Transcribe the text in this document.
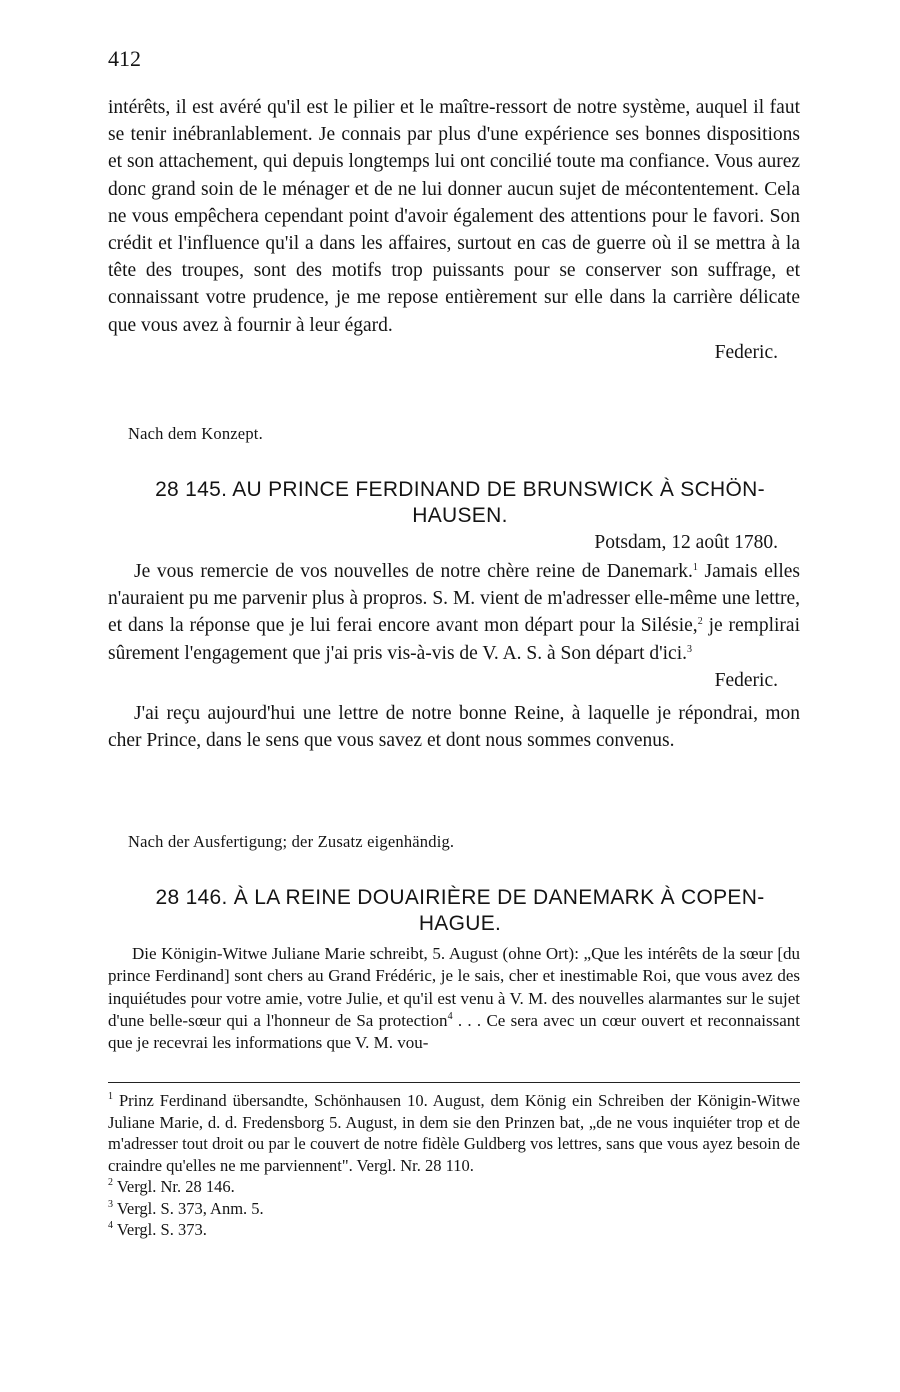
412

intérêts, il est avéré qu'il est le pilier et le maître-ressort de notre système, auquel il faut se tenir inébranlablement. Je connais par plus d'une expérience ses bonnes dispositions et son attachement, qui depuis longtemps lui ont concilié toute ma confiance. Vous aurez donc grand soin de le ménager et de ne lui donner aucun sujet de mécontentement. Cela ne vous empêchera cependant point d'avoir également des attentions pour le favori. Son crédit et l'influence qu'il a dans les affaires, surtout en cas de guerre où il se mettra à la tête des troupes, sont des motifs trop puissants pour se conserver son suffrage, et connaissant votre prudence, je me repose entièrement sur elle dans la carrière délicate que vous avez à fournir à leur égard.

Federic.
Nach dem Konzept.
28 145. AU PRINCE FERDINAND DE BRUNSWICK À SCHÖN-
HAUSEN.
Potsdam, 12 août 1780.

Je vous remercie de vos nouvelles de notre chère reine de Danemark.$^1$ Jamais elles n'auraient pu me parvenir plus à propros. S. M. vient de m'adresser elle-même une lettre, et dans la réponse que je lui ferai encore avant mon départ pour la Silésie,$^2$ je remplirai sûrement l'engagement que j'ai pris vis-à-vis de V. A. S. à Son départ d'ici.$^3$

Federic.

J'ai reçu aujourd'hui une lettre de notre bonne Reine, à laquelle je répondrai, mon cher Prince, dans le sens que vous savez et dont nous sommes convenus.

Nach der Ausfertigung; der Zusatz eigenhändig.
28 146. À LA REINE DOUAIRIÈRE DE DANEMARK À COPEN-
HAGUE.

Die Königin-Witwe Juliane Marie schreibt, 5. August (ohne Ort): „Que les intérêts de la sœur [du prince Ferdinand] sont chers au Grand Frédéric, je le sais, cher et inestimable Roi, que vous avez des inquiétudes pour votre amie, votre Julie, et qu'il est venu à V. M. des nouvelles alarmantes sur le sujet d'une belle-sœur qui a l'honneur de Sa protection$^4$ . . . Ce sera avec un cœur ouvert et reconnaissant que je recevrai les informations que V. M. vou-

$^1$ Prinz Ferdinand übersandte, Schönhausen 10. August, dem König ein Schreiben der Königin-Witwe Juliane Marie, d. d. Fredensborg 5. August, in dem sie den Prinzen bat, „de ne vous inquiéter trop et de m'adresser tout droit ou par le couvert de notre fidèle Guldberg vos lettres, sans que vous ayez besoin de craindre qu'elles ne me parviennent". Vergl. Nr. 28 110.

$^2$ Vergl. Nr. 28 146.

$^3$ Vergl. S. 373, Anm. 5.

$^4$ Vergl. S. 373.
